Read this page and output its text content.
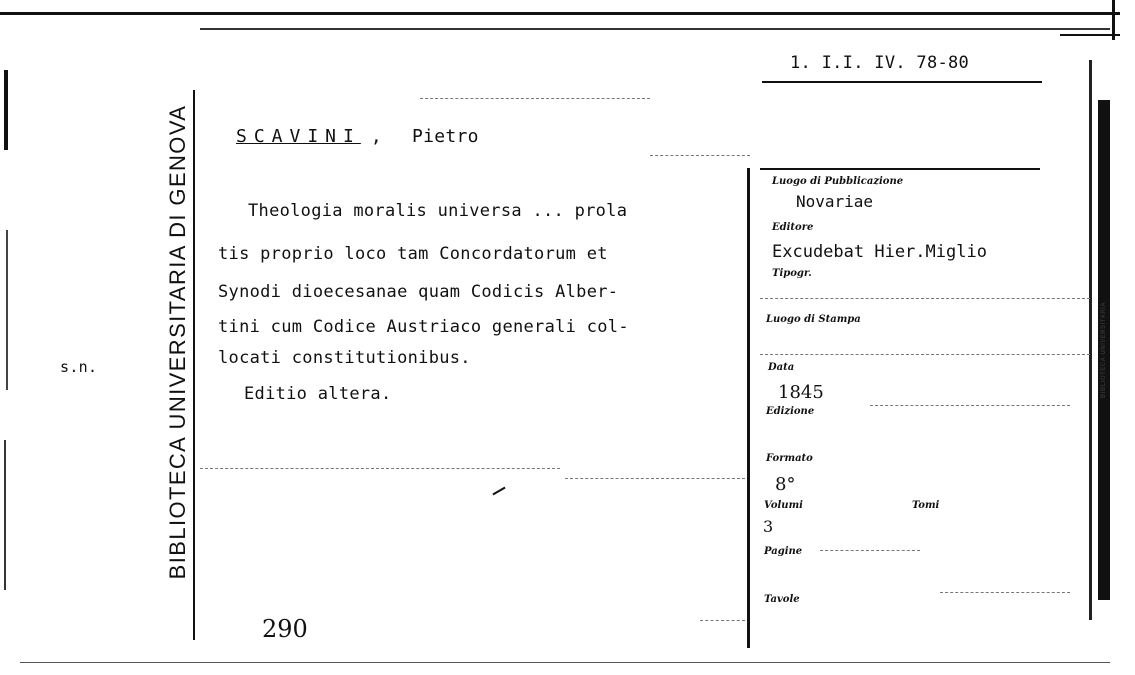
BIBLIOTECA UNIVERSITARIA DI GENOVA
1. I.I. IV. 78-80
SCAVINI , Pietro
Theologia moralis universa ... prola
tis proprio loco tam Concordatorum et
Synodi dioecesanae quam Codicis Alber-
tini cum Codice Austriaco generali col-
locati constitutionibus.
Editio altera.
s.n.
290
Luogo di Pubblicazione
Novariae
Editore
Excudebat Hier.Miglio
Tipogr.
Luogo di Stampa
Data
1845
Edizione
Formato
8°
Volumi	Tomi
3
Pagine
Tavole
BIBLIOTECA UNIVERSITARIA
